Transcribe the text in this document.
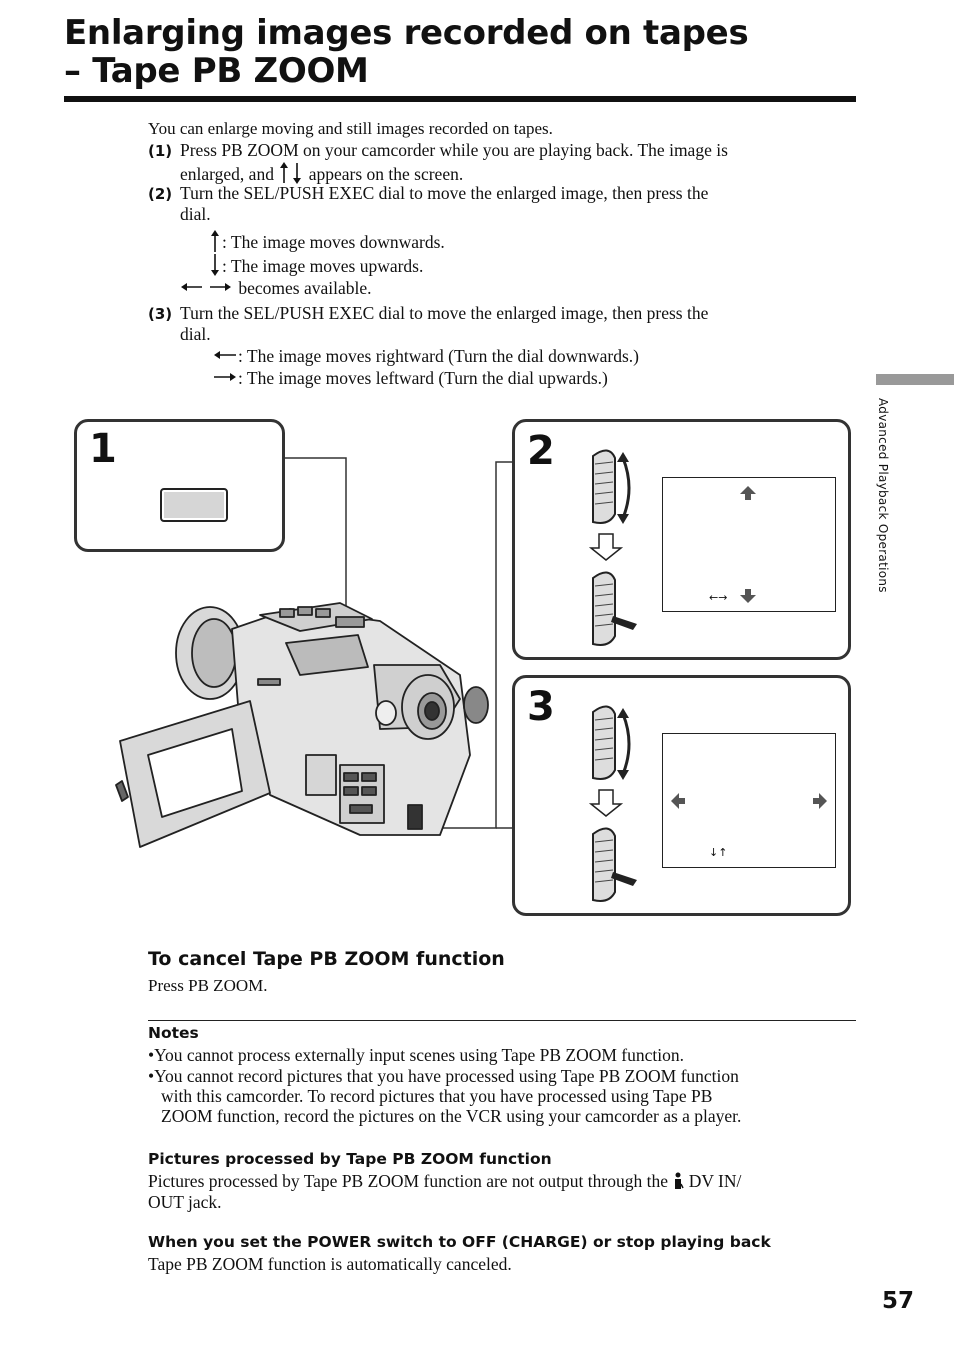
Enlarging images recorded on tapes
– Tape PB ZOOM
You can enlarge moving and still images recorded on tapes.
(1) Press PB ZOOM on your camcorder while you are playing back. The image is
enlarged, and appears on the screen.
(2) Turn the SEL/PUSH EXEC dial to move the enlarged image, then press the
dial.
: The image moves downwards.
: The image moves upwards.
becomes available.
(3) Turn the SEL/PUSH EXEC dial to move the enlarged image, then press the
dial.
: The image moves rightward (Turn the dial downwards.)
: The image moves leftward (Turn the dial upwards.)
Advanced Playback Operations
1	2
←→
3
↓↑
To cancel Tape PB ZOOM function
Press PB ZOOM.
Notes
•You cannot process externally input scenes using Tape PB ZOOM function.
•You cannot record pictures that you have processed using Tape PB ZOOM function
with this camcorder. To record pictures that you have processed using Tape PB
ZOOM function, record the pictures on the VCR using your camcorder as a player.
Pictures processed by Tape PB ZOOM function
Pictures processed by Tape PB ZOOM function are not output through the DV IN/
OUT jack.
When you set the POWER switch to OFF (CHARGE) or stop playing back
Tape PB ZOOM function is automatically canceled.
57
